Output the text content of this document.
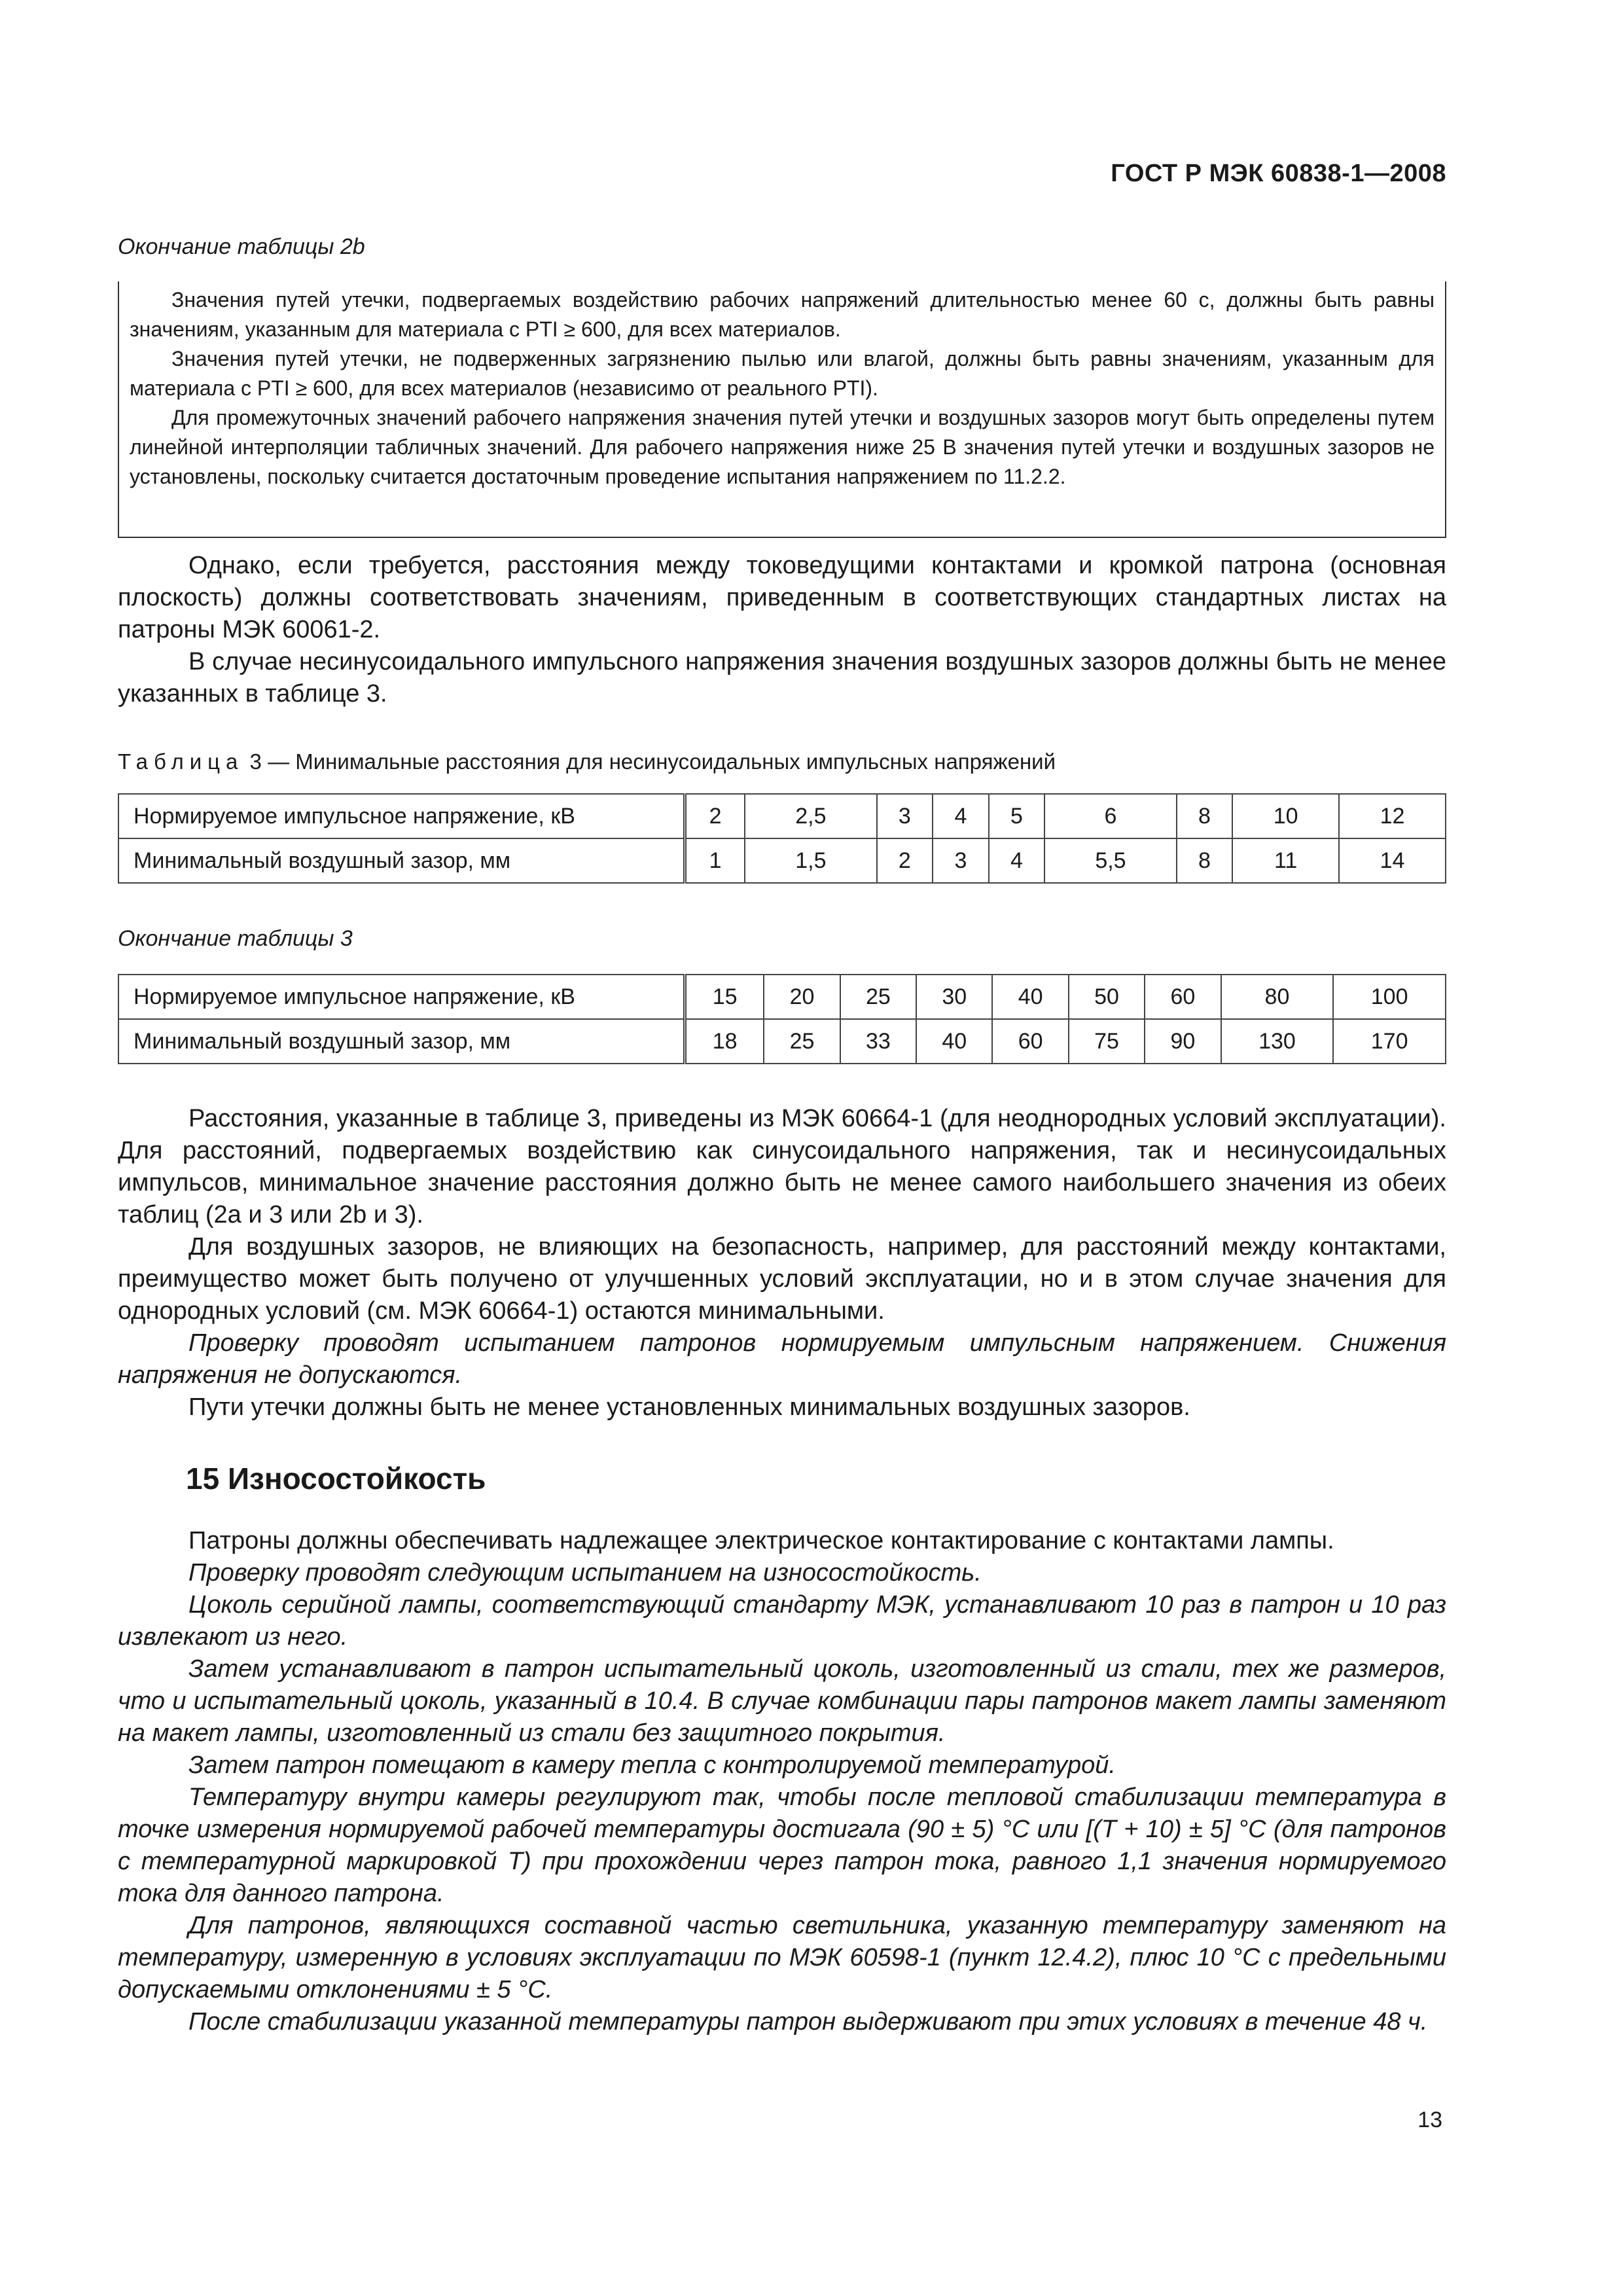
ГОСТ Р МЭК 60838-1—2008
Окончание таблицы 2b

Значения путей утечки, подвергаемых воздействию рабочих напряжений длительностью менее 60 с, должны быть равны значениям, указанным для материала с PTI ≥ 600, для всех материалов.

Значения путей утечки, не подверженных загрязнению пылью или влагой, должны быть равны значениям, указанным для материала с PTI ≥ 600, для всех материалов (независимо от реального PTI).

Для промежуточных значений рабочего напряжения значения путей утечки и воздушных зазоров могут быть определены путем линейной интерполяции табличных значений. Для рабочего напряжения ниже 25 В значения путей утечки и воздушных зазоров не установлены, поскольку считается достаточным проведение испытания напряжением по 11.2.2.

Однако, если требуется, расстояния между токоведущими контактами и кромкой патрона (основная плоскость) должны соответствовать значениям, приведенным в соответствующих стандартных листах на патроны МЭК 60061-2.

В случае несинусоидального импульсного напряжения значения воздушных зазоров должны быть не менее указанных в таблице 3.

Таблица 3 — Минимальные расстояния для несинусоидальных импульсных напряжений
Нормируемое импульсное напряжение, кВ	2	2,5	3	4	5	6	8	10	12
Минимальный воздушный зазор, мм	1	1,5	2	3	4	5,5	8	11	14
Окончание таблицы 3
Нормируемое импульсное напряжение, кВ	15	20	25	30	40	50	60	80	100
Минимальный воздушный зазор, мм	18	25	33	40	60	75	90	130	170

Расстояния, указанные в таблице 3, приведены из МЭК 60664-1 (для неоднородных условий эксплуатации). Для расстояний, подвергаемых воздействию как синусоидального напряжения, так и несинусоидальных импульсов, минимальное значение расстояния должно быть не менее самого наибольшего значения из обеих таблиц (2а и 3 или 2b и 3).

Для воздушных зазоров, не влияющих на безопасность, например, для расстояний между контактами, преимущество может быть получено от улучшенных условий эксплуатации, но и в этом случае значения для однородных условий (см. МЭК 60664-1) остаются минимальными.

Проверку проводят испытанием патронов нормируемым импульсным напряжением. Снижения напряжения не допускаются.

Пути утечки должны быть не менее установленных минимальных воздушных зазоров.

15 Износостойкость

Патроны должны обеспечивать надлежащее электрическое контактирование с контактами лампы.

Проверку проводят следующим испытанием на износостойкость.

Цоколь серийной лампы, соответствующий стандарту МЭК, устанавливают 10 раз в патрон и 10 раз извлекают из него.

Затем устанавливают в патрон испытательный цоколь, изготовленный из стали, тех же размеров, что и испытательный цоколь, указанный в 10.4. В случае комбинации пары патронов макет лампы заменяют на макет лампы, изготовленный из стали без защитного покрытия.

Затем патрон помещают в камеру тепла с контролируемой температурой.

Температуру внутри камеры регулируют так, чтобы после тепловой стабилизации температура в точке измерения нормируемой рабочей температуры достигала (90 ± 5) °С или [(T + 10) ± 5] °С (для патронов с температурной маркировкой T) при прохождении через патрон тока, равного 1,1 значения нормируемого тока для данного патрона.

Для патронов, являющихся составной частью светильника, указанную температуру заменяют на температуру, измеренную в условиях эксплуатации по МЭК 60598-1 (пункт 12.4.2), плюс 10 °С с предельными допускаемыми отклонениями ± 5 °С.

После стабилизации указанной температуры патрон выдерживают при этих условиях в течение 48 ч.

13
